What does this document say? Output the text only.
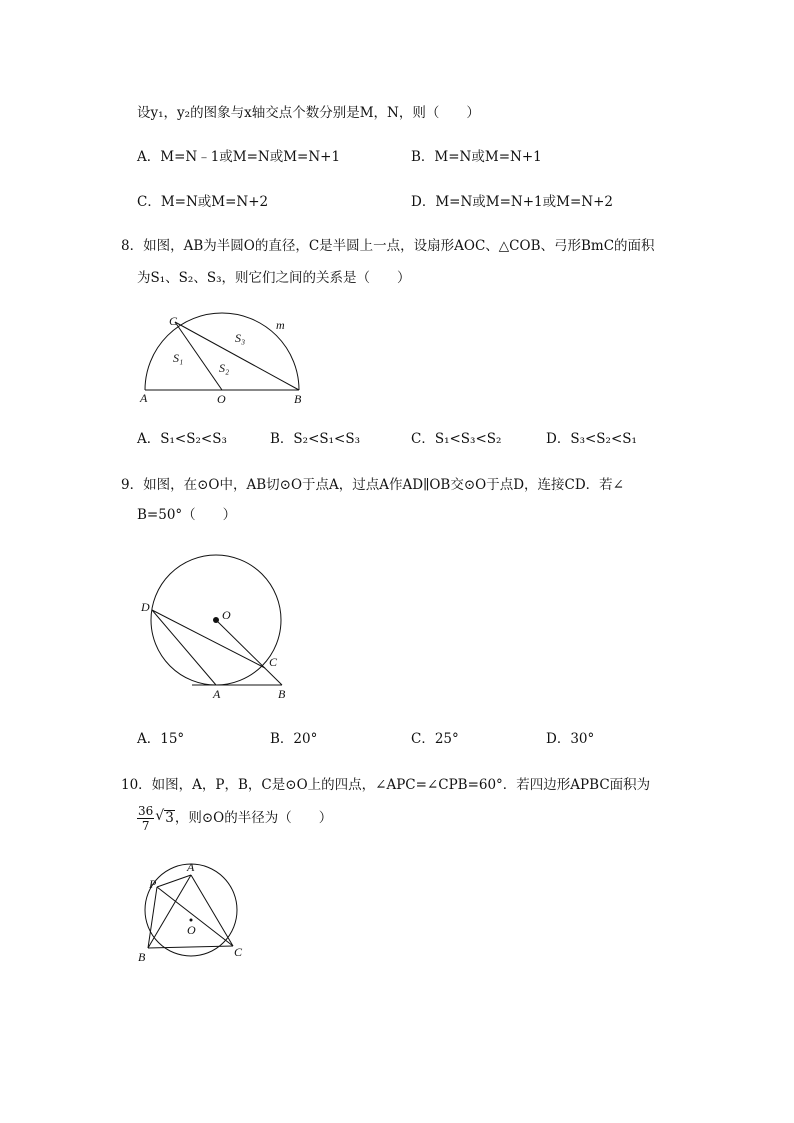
设y₁，y₂的图象与x轴交点个数分别是M，N，则（　　）
A．M=N﹣1或M=N或M=N+1	B．M=N或M=N+1
C．M=N或M=N+2	D．M=N或M=N+1或M=N+2
8．如图，AB为半圆O的直径，C是半圆上一点，设扇形AOC、△COB、弓形BmC的面积
为S₁、S₂、S₃，则它们之间的关系是（　　）
A	O	B
C	m
S₁
S₂
S₃
A．S₁<S₂<S₃	B．S₂<S₁<S₃	C．S₁<S₃<S₂	D．S₃<S₂<S₁
9．如图，在⊙O中，AB切⊙O于点A，过点A作AD∥OB交⊙O于点D，连接CD．若∠
B=50°（　　）
D
O
C
A	B
A．15°	B．20°	C．25°	D．30°
10．如图，A，P，B，C是⊙O上的四点，∠APC=∠CPB=60°．若四边形APBC面积为
$\frac{36}{7}$
√ 3，则⊙O的半径为（　　）
A
P
O
B	C
